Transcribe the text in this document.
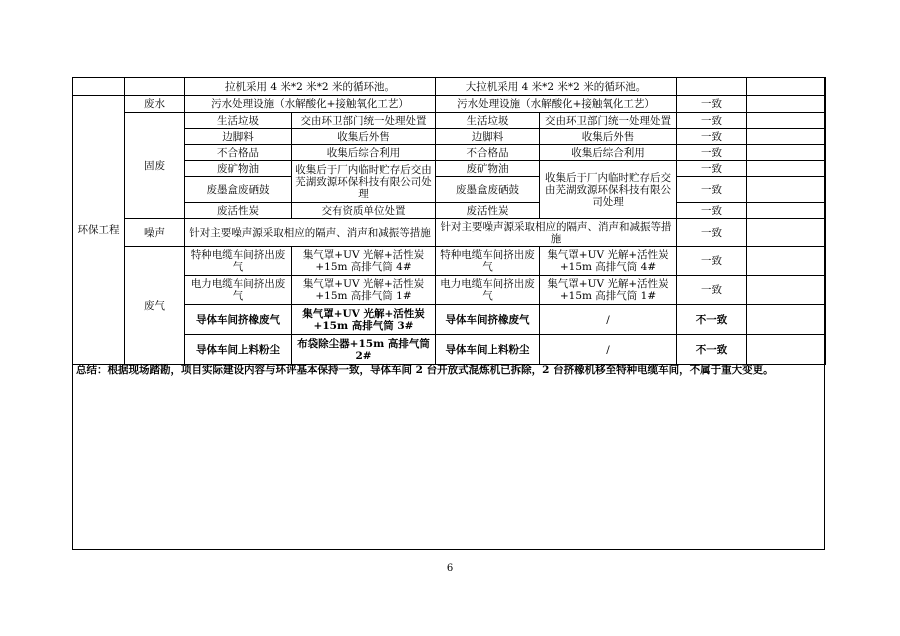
		拉机采用 4 米*2 米*2 米的循环池。		大拉机采用 4 米*2 米*2 米的循环池。			
环保工程	废水	污水处理设施（水解酸化+接触氧化工艺）		污水处理设施（水解酸化+接触氧化工艺）		一致	
	固废	生活垃圾	交由环卫部门统一处理处置	生活垃圾	交由环卫部门统一处理处置	一致	
		边脚料	收集后外售	边脚料	收集后外售	一致	
		不合格品	收集后综合利用	不合格品	收集后综合利用	一致	
		废矿物油	收集后于厂内临时贮存后交由芜湖致源环保科技有限公司处理	废矿物油	收集后于厂内临时贮存后交由芜湖致源环保科技有限公司处理	一致	
		废墨盒废硒鼓		废墨盒废硒鼓		一致	
		废活性炭	交有资质单位处置	废活性炭		一致	
	噪声	针对主要噪声源采取相应的隔声、消声和减振等措施		针对主要噪声源采取相应的隔声、消声和减振等措施		一致	
	废气	特种电缆车间挤出废气	集气罩+UV 光解+活性炭+15m 高排气筒 4#	特种电缆车间挤出废气	集气罩+UV 光解+活性炭+15m 高排气筒 4#	一致	
		电力电缆车间挤出废气	集气罩+UV 光解+活性炭+15m 高排气筒 1#	电力电缆车间挤出废气	集气罩+UV 光解+活性炭+15m 高排气筒 1#	一致	
		导体车间挤橡废气	集气罩+UV 光解+活性炭+15m 高排气筒 3#	导体车间挤橡废气	/	不一致	
		导体车间上料粉尘	布袋除尘器+15m 高排气筒 2#	导体车间上料粉尘	/	不一致	
总结：根据现场踏勘，项目实际建设内容与环评基本保持一致，导体车间 2 台开放式混炼机已拆除，2 台挤橡机移至特种电缆车间，不属于重大变更。
6
